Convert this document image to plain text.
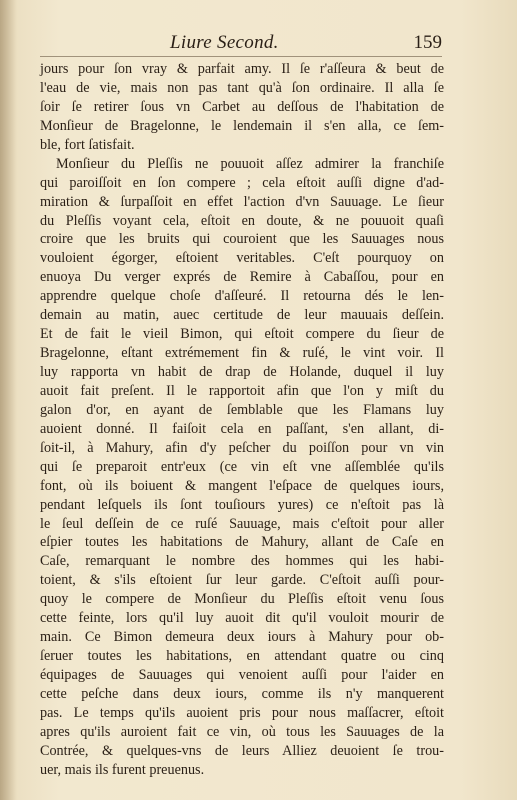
Liure Second.	159
jours pour ſon vray & parfait amy. Il ſe r'aſſeura & beut de
l'eau de vie, mais non pas tant qu'à ſon ordinaire. Il alla ſe
ſoir ſe retirer ſous vn Carbet au deſſous de l'habitation de
Monſieur de Bragelonne, le lendemain il s'en alla, ce ſem-
ble, fort ſatisfait.
Monſieur du Pleſſis ne pouuoit aſſez admirer la franchiſe
qui paroiſſoit en ſon compere ; cela eſtoit auſſi digne d'ad-
miration & ſurpaſſoit en effet l'action d'vn Sauuage. Le ſieur
du Pleſſis voyant cela, eſtoit en doute, & ne pouuoit quaſi
croire que les bruits qui couroient que les Sauuages nous
vouloient égorger, eſtoient veritables. C'eſt pourquoy on
enuoya Du verger exprés de Remire à Cabaſſou, pour en
apprendre quelque choſe d'aſſeuré. Il retourna dés le len-
demain au matin, auec certitude de leur mauuais deſſein.
Et de fait le vieil Bimon, qui eſtoit compere du ſieur de
Bragelonne, eſtant extrémement fin & ruſé, le vint voir. Il
luy rapporta vn habit de drap de Holande, duquel il luy
auoit fait preſent. Il le rapportoit afin que l'on y miſt du
galon d'or, en ayant de ſemblable que les Flamans luy
auoient donné. Il faiſoit cela en paſſant, s'en allant, di-
ſoit-il, à Mahury, afin d'y peſcher du poiſſon pour vn vin
qui ſe preparoit entr'eux (ce vin eſt vne aſſemblée qu'ils
font, où ils boiuent & mangent l'eſpace de quelques iours,
pendant leſquels ils ſont touſiours yures) ce n'eſtoit pas là
le ſeul deſſein de ce ruſé Sauuage, mais c'eſtoit pour aller
eſpier toutes les habitations de Mahury, allant de Caſe en
Caſe, remarquant le nombre des hommes qui les habi-
toient, & s'ils eſtoient ſur leur garde. C'eſtoit auſſi pour-
quoy le compere de Monſieur du Pleſſis eſtoit venu ſous
cette feinte, lors qu'il luy auoit dit qu'il vouloit mourir de
main. Ce Bimon demeura deux iours à Mahury pour ob-
ſeruer toutes les habitations, en attendant quatre ou cinq
équipages de Sauuages qui venoient auſſi pour l'aider en
cette peſche dans deux iours, comme ils n'y manquerent
pas. Le temps qu'ils auoient pris pour nous maſſacrer, eſtoit
apres qu'ils auroient fait ce vin, où tous les Sauuages de la
Contrée, & quelques-vns de leurs Alliez deuoient ſe trou-
uer, mais ils furent preuenus.
